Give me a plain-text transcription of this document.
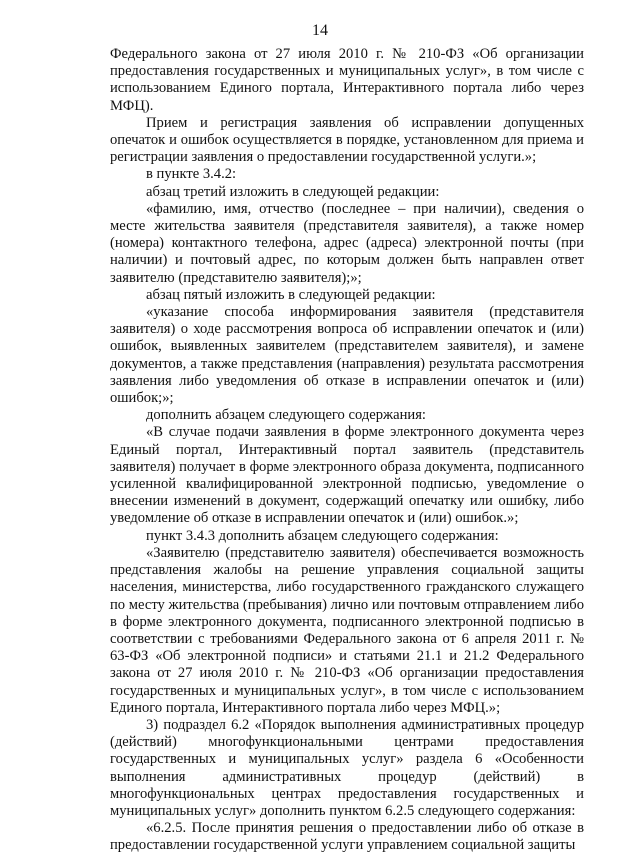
14

Федерального закона от 27 июля 2010 г. № 210-ФЗ «Об организации предоставления государственных и муниципальных услуг», в том числе с использованием Единого портала, Интерактивного портала либо через МФЦ).

Прием и регистрация заявления об исправлении допущенных опечаток и ошибок осуществляется в порядке, установленном для приема и регистрации заявления о предоставлении государственной услуги.»;

в пункте 3.4.2:

абзац третий изложить в следующей редакции:

«фамилию, имя, отчество (последнее – при наличии), сведения о месте жительства заявителя (представителя заявителя), а также номер (номера) контактного телефона, адрес (адреса) электронной почты (при наличии) и почтовый адрес, по которым должен быть направлен ответ заявителю (представителю заявителя);»;

абзац пятый изложить в следующей редакции:

«указание способа информирования заявителя (представителя заявителя) о ходе рассмотрения вопроса об исправлении опечаток и (или) ошибок, выявленных заявителем (представителем заявителя), и замене документов, а также представления (направления) результата рассмотрения заявления либо уведомления об отказе в исправлении опечаток и (или) ошибок;»;

дополнить абзацем следующего содержания:

«В случае подачи заявления в форме электронного документа через Единый портал, Интерактивный портал заявитель (представитель заявителя) получает в форме электронного образа документа, подписанного усиленной квалифицированной электронной подписью, уведомление о внесении изменений в документ, содержащий опечатку или ошибку, либо уведомление об отказе в исправлении опечаток и (или) ошибок.»;

пункт 3.4.3 дополнить абзацем следующего содержания:

«Заявителю (представителю заявителя) обеспечивается возможность представления жалобы на решение управления социальной защиты населения, министерства, либо государственного гражданского служащего по месту жительства (пребывания) лично или почтовым отправлением либо в форме электронного документа, подписанного электронной подписью в соответствии с требованиями Федерального закона от 6 апреля 2011 г. № 63-ФЗ «Об электронной подписи» и статьями 21.1 и 21.2 Федерального закона от 27 июля 2010 г. № 210-ФЗ «Об организации предоставления государственных и муниципальных услуг», в том числе с использованием Единого портала, Интерактивного портала либо через МФЦ.»;

3) подраздел 6.2 «Порядок выполнения административных процедур (действий) многофункциональными центрами предоставления государственных и муниципальных услуг» раздела 6 «Особенности выполнения административных процедур (действий) в многофункциональных центрах предоставления государственных и муниципальных услуг» дополнить пунктом 6.2.5 следующего содержания:

«6.2.5. После принятия решения о предоставлении либо об отказе в предоставлении государственной услуги управлением социальной защиты
